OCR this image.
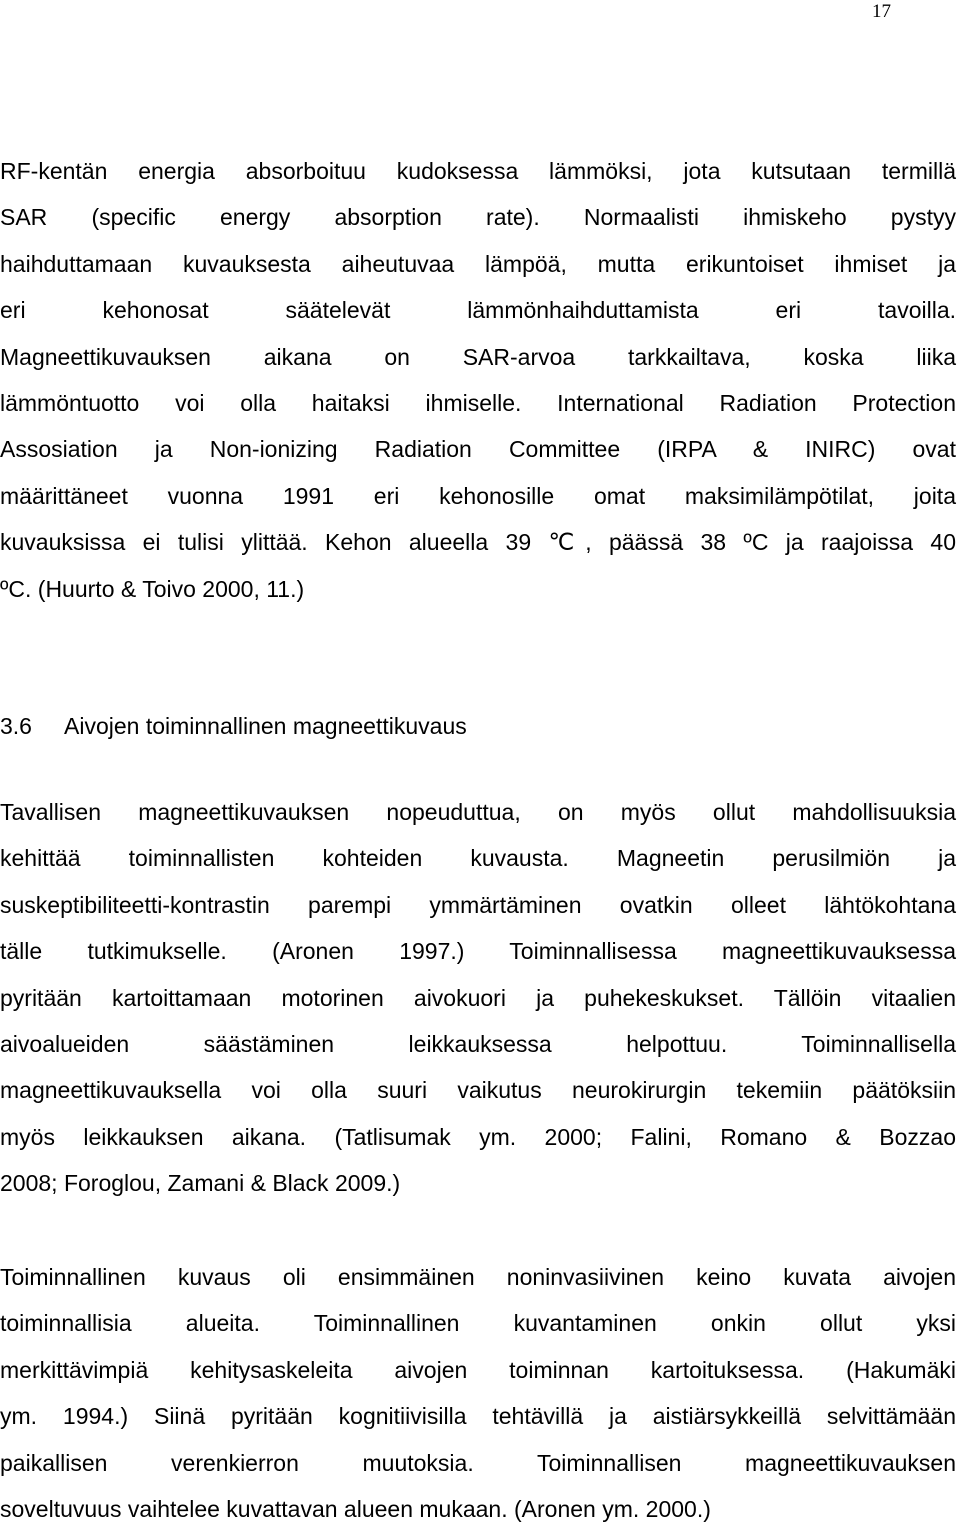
17
RF-kentän energia absorboituu kudoksessa lämmöksi, jota kutsutaan termillä
SAR (specific energy absorption rate). Normaalisti ihmiskeho pystyy
haihduttamaan kuvauksesta aiheutuvaa lämpöä, mutta erikuntoiset ihmiset ja
eri kehonosat säätelevät lämmönhaihduttamista eri tavoilla.
Magneettikuvauksen aikana on SAR-arvoa tarkkailtava, koska liika
lämmöntuotto voi olla haitaksi ihmiselle. International Radiation Protection
Assosiation ja Non-ionizing Radiation Committee (IRPA & INIRC) ovat
määrittäneet vuonna 1991 eri kehonosille omat maksimilämpötilat, joita
kuvauksissa ei tulisi ylittää. Kehon alueella 39 ℃, päässä 38 ºC ja raajoissa 40
ºC. (Huurto & Toivo 2000, 11.)
3.6 Aivojen toiminnallinen magneettikuvaus
Tavallisen magneettikuvauksen nopeuduttua, on myös ollut mahdollisuuksia
kehittää toiminnallisten kohteiden kuvausta. Magneetin perusilmiön ja
suskeptibiliteetti-kontrastin parempi ymmärtäminen ovatkin olleet lähtökohtana
tälle tutkimukselle. (Aronen 1997.) Toiminnallisessa magneettikuvauksessa
pyritään kartoittamaan motorinen aivokuori ja puhekeskukset. Tällöin vitaalien
aivoalueiden säästäminen leikkauksessa helpottuu. Toiminnallisella
magneettikuvauksella voi olla suuri vaikutus neurokirurgin tekemiin päätöksiin
myös leikkauksen aikana. (Tatlisumak ym. 2000; Falini, Romano & Bozzao
2008; Foroglou, Zamani & Black 2009.)
Toiminnallinen kuvaus oli ensimmäinen noninvasiivinen keino kuvata aivojen
toiminnallisia alueita. Toiminnallinen kuvantaminen onkin ollut yksi
merkittävimpiä kehitysaskeleita aivojen toiminnan kartoituksessa. (Hakumäki
ym. 1994.) Siinä pyritään kognitiivisilla tehtävillä ja aistiärsykkeillä selvittämään
paikallisen verenkierron muutoksia. Toiminnallisen magneettikuvauksen
soveltuvuus vaihtelee kuvattavan alueen mukaan. (Aronen ym. 2000.)
